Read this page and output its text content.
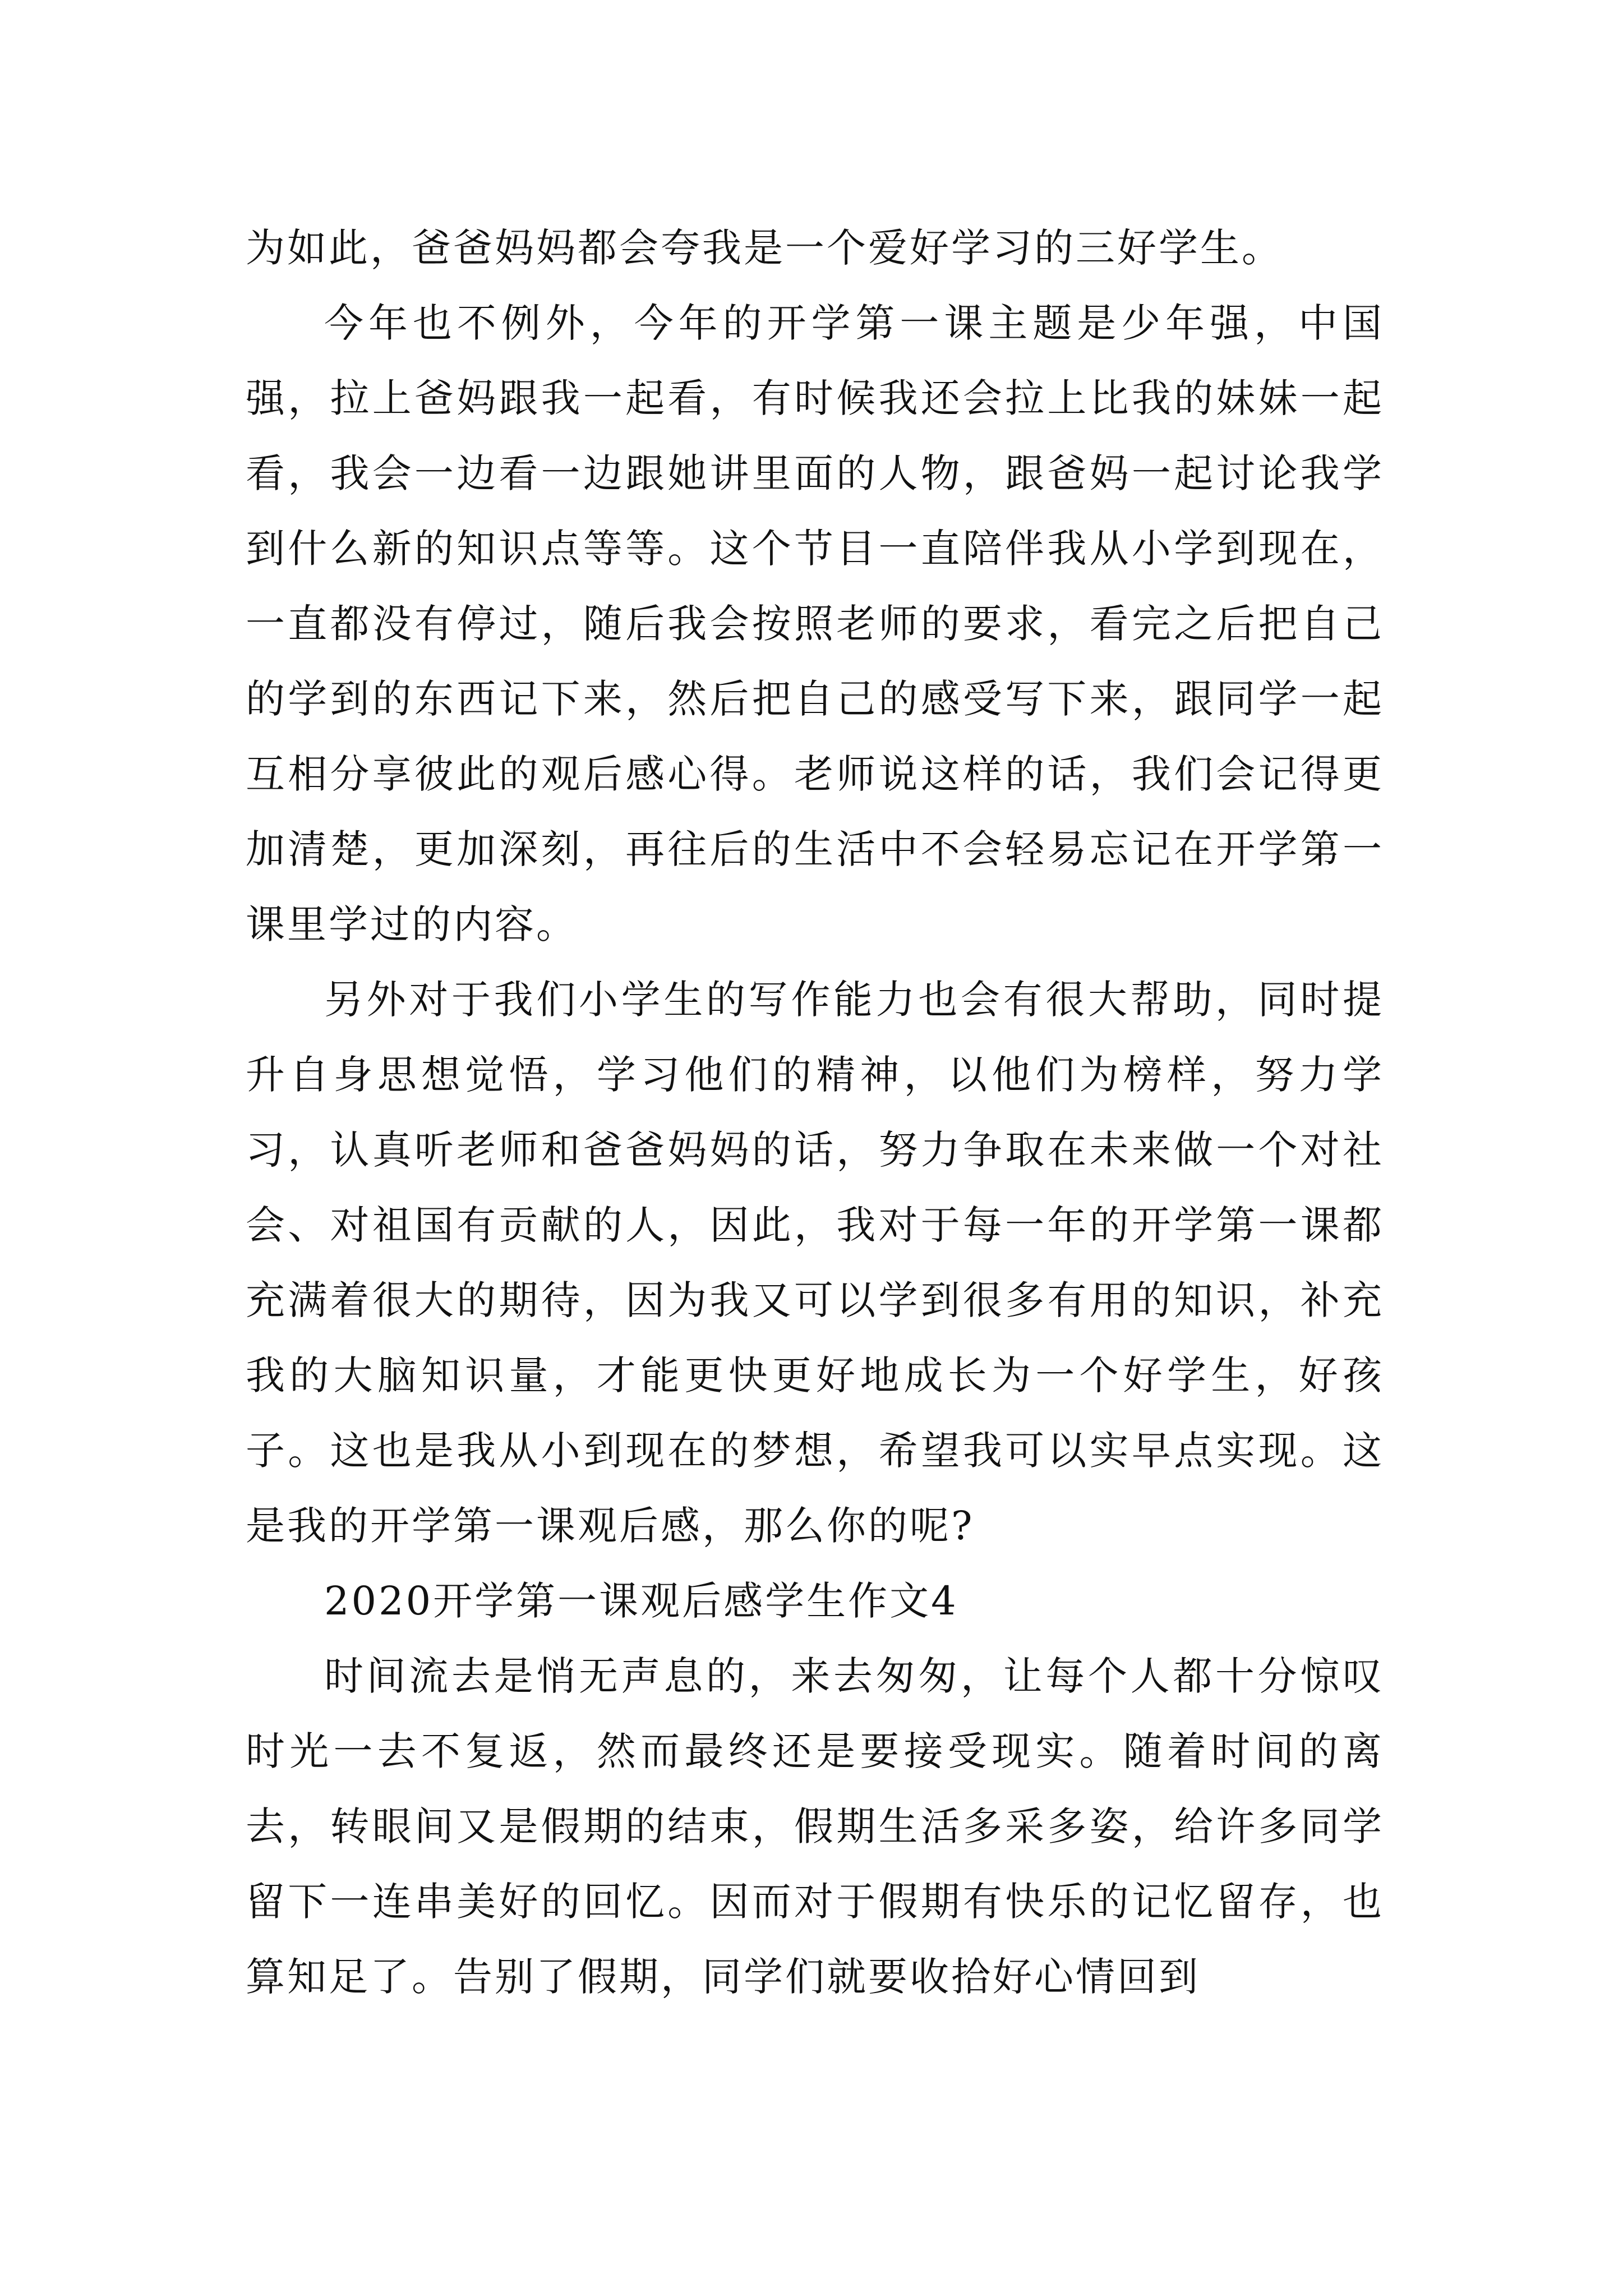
为如此，爸爸妈妈都会夸我是一个爱好学习的三好学生。

今年也不例外，今年的开学第一课主题是少年强，中国强，拉上爸妈跟我一起看，有时候我还会拉上比我的妹妹一起看，我会一边看一边跟她讲里面的人物，跟爸妈一起讨论我学到什么新的知识点等等。这个节目一直陪伴我从小学到现在，一直都没有停过，随后我会按照老师的要求，看完之后把自己的学到的东西记下来，然后把自己的感受写下来，跟同学一起互相分享彼此的观后感心得。老师说这样的话，我们会记得更加清楚，更加深刻，再往后的生活中不会轻易忘记在开学第一课里学过的内容。

另外对于我们小学生的写作能力也会有很大帮助，同时提升自身思想觉悟，学习他们的精神，以他们为榜样，努力学习，认真听老师和爸爸妈妈的话，努力争取在未来做一个对社会、对祖国有贡献的人，因此，我对于每一年的开学第一课都充满着很大的期待，因为我又可以学到很多有用的知识，补充我的大脑知识量，才能更快更好地成长为一个好学生，好孩子。这也是我从小到现在的梦想，希望我可以实早点实现。这是我的开学第一课观后感，那么你的呢?

2020开学第一课观后感学生作文4

时间流去是悄无声息的，来去匆匆，让每个人都十分惊叹时光一去不复返，然而最终还是要接受现实。随着时间的离去，转眼间又是假期的结束，假期生活多采多姿，给许多同学留下一连串美好的回忆。因而对于假期有快乐的记忆留存，也算知足了。告别了假期，同学们就要收拾好心情回到
